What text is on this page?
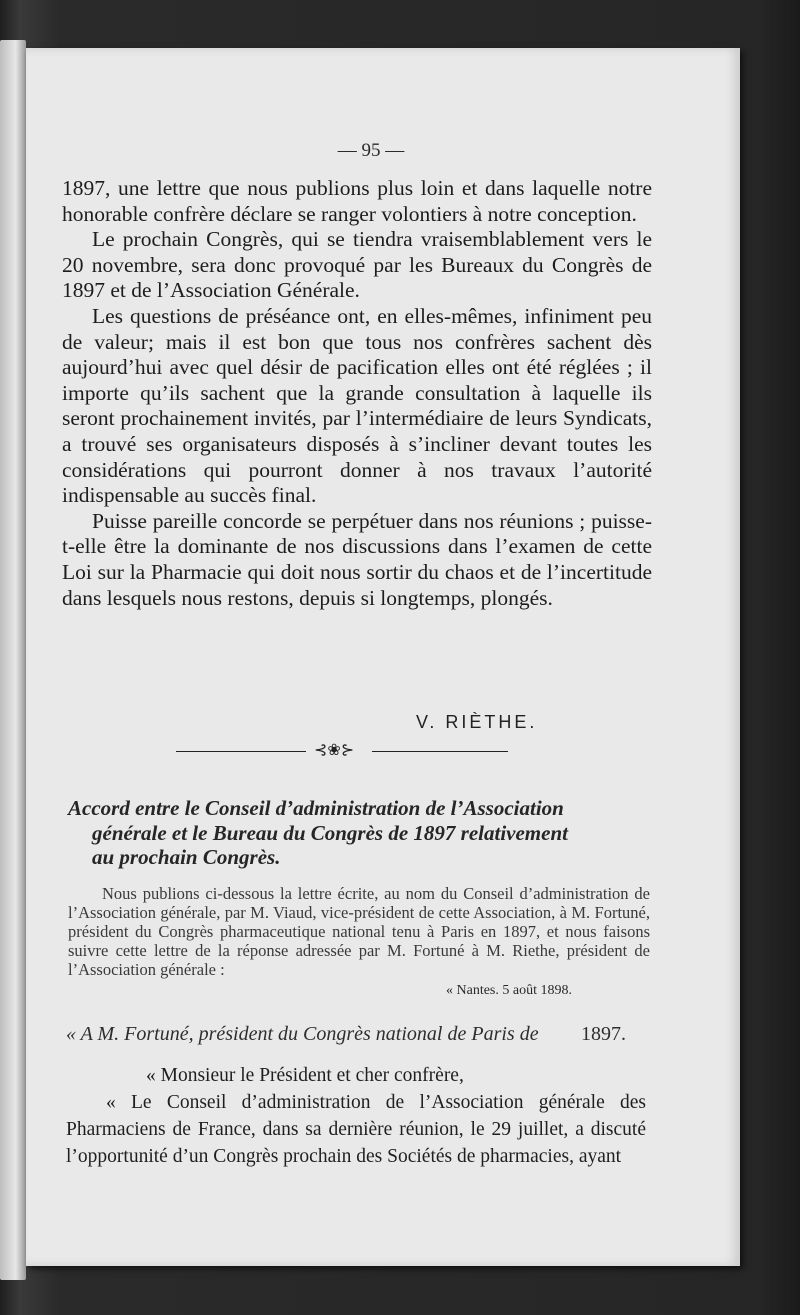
— 95 —

1897, une lettre que nous publions plus loin et dans laquelle notre honorable confrère déclare se ranger volontiers à notre conception.

Le prochain Congrès, qui se tiendra vraisemblablement vers le 20 novembre, sera donc provoqué par les Bureaux du Congrès de 1897 et de l’Association Générale.

Les questions de préséance ont, en elles-mêmes, infiniment peu de valeur; mais il est bon que tous nos confrères sachent dès aujourd’hui avec quel désir de pacification elles ont été réglées ; il importe qu’ils sachent que la grande consultation à laquelle ils seront prochainement invités, par l’intermédiaire de leurs Syndicats, a trouvé ses organisateurs disposés à s’incliner devant toutes les considérations qui pourront donner à nos travaux l’autorité indispensable au succès final.

Puisse pareille concorde se perpétuer dans nos réunions ; puisse-t-elle être la dominante de nos discussions dans l’examen de cette Loi sur la Pharmacie qui doit nous sortir du chaos et de l’incertitude dans lesquels nous restons, depuis si longtemps, plongés.

V. RIÈTHE.
⊰❀⊱
Accord entre le Conseil d’administration de l’Association
générale et le Bureau du Congrès de 1897 relativement
au prochain Congrès.

Nous publions ci-dessous la lettre écrite, au nom du Conseil d’administration de l’Association générale, par M. Viaud, vice-président de cette Association, à M. Fortuné, président du Congrès pharmaceutique national tenu à Paris en 1897, et nous faisons suivre cette lettre de la réponse adressée par M. Fortuné à M. Riethe, président de l’Association générale :

« Nantes. 5 août 1898.
« A M. Fortuné, président du Congrès national de Paris de 1897.

« Monsieur le Président et cher confrère,

« Le Conseil d’administration de l’Association générale des Pharmaciens de France, dans sa dernière réunion, le 29 juillet, a discuté l’opportunité d’un Congrès prochain des Sociétés de pharmacies, ayant
